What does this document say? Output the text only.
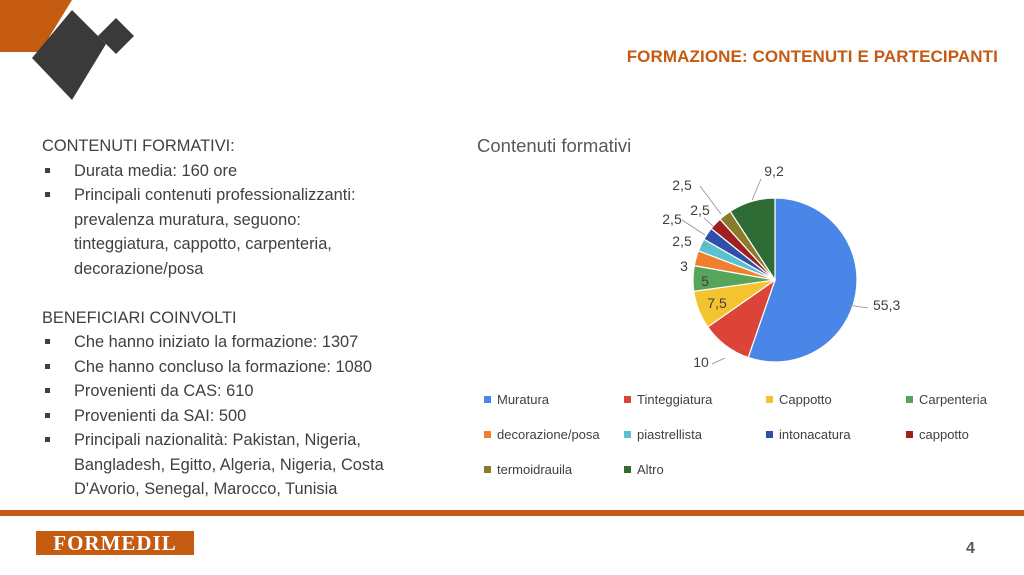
FORMAZIONE: CONTENUTI E PARTECIPANTI
CONTENUTI FORMATIVI:
Durata media: 160 ore
Principali contenuti professionalizzanti:
prevalenza muratura, seguono:
tinteggiatura, cappotto, carpenteria,
decorazione/posa
BENEFICIARI COINVOLTI
Che hanno iniziato la formazione: 1307
Che hanno concluso la formazione: 1080
Provenienti da CAS: 610
Provenienti da SAI: 500
Principali nazionalità: Pakistan, Nigeria,
Bangladesh, Egitto, Algeria, Nigeria, Costa
D'Avorio, Senegal, Marocco, Tunisia
Contenuti formativi
55,3
10
7,5
5
3
2,5
2,5
2,5
2,5
9,2
Muratura	Tinteggiatura	Cappotto	Carpenteria
decorazione/posa	piastrellista	intonacatura	cappotto
termoidrauila	Altro
FORMEDIL	4
